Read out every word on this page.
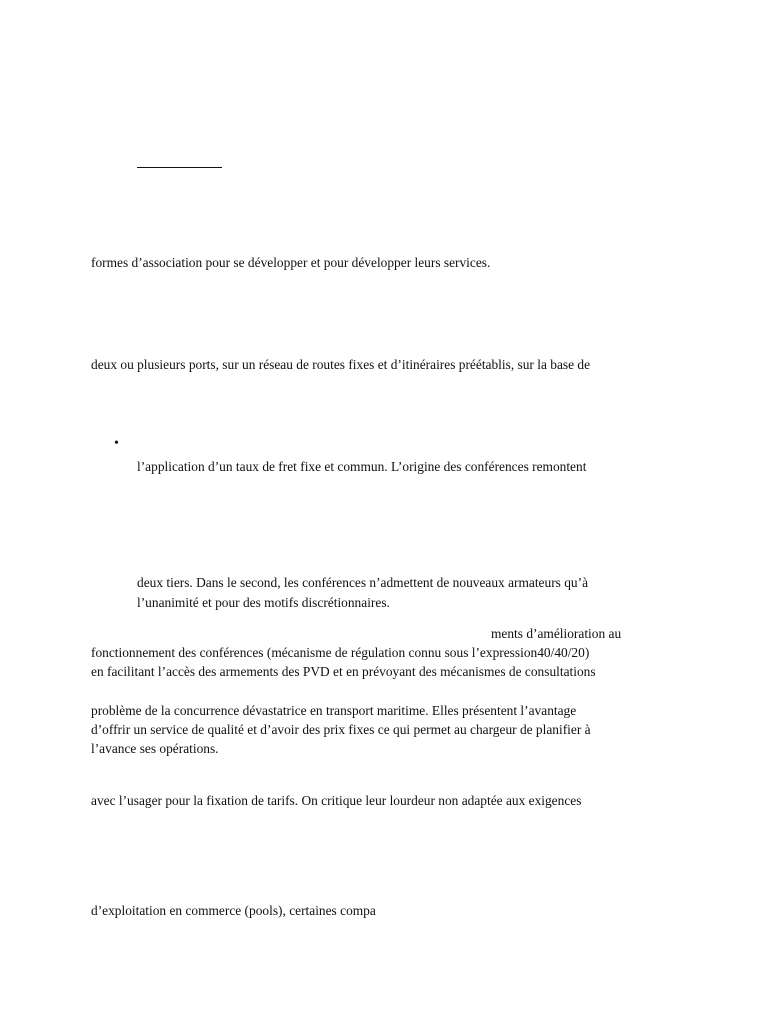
formes d’association pour se développer et pour développer leurs services.

deux ou plusieurs ports, sur un réseau de routes fixes et d’itinéraires préétablis, sur la base de

•

l’application d’un taux de fret fixe et commun. L’origine des conférences remontent

deux tiers. Dans le second, les conférences n’admettent de nouveaux armateurs qu’à

l’unanimité et pour des motifs discrétionnaires.

ments d’amélioration au

fonctionnement des conférences (mécanisme de régulation connu sous l’expression40/40/20)

en facilitant l’accès des armements des PVD et en prévoyant des mécanismes de consultations

problème de la concurrence dévastatrice en transport maritime. Elles présentent l’avantage

d’offrir un service de qualité et d’avoir des prix fixes ce qui permet au chargeur de planifier à

l’avance ses opérations.

avec l’usager pour la fixation de tarifs. On critique leur lourdeur non adaptée aux exigences

d’exploitation en commerce (pools), certaines compa
